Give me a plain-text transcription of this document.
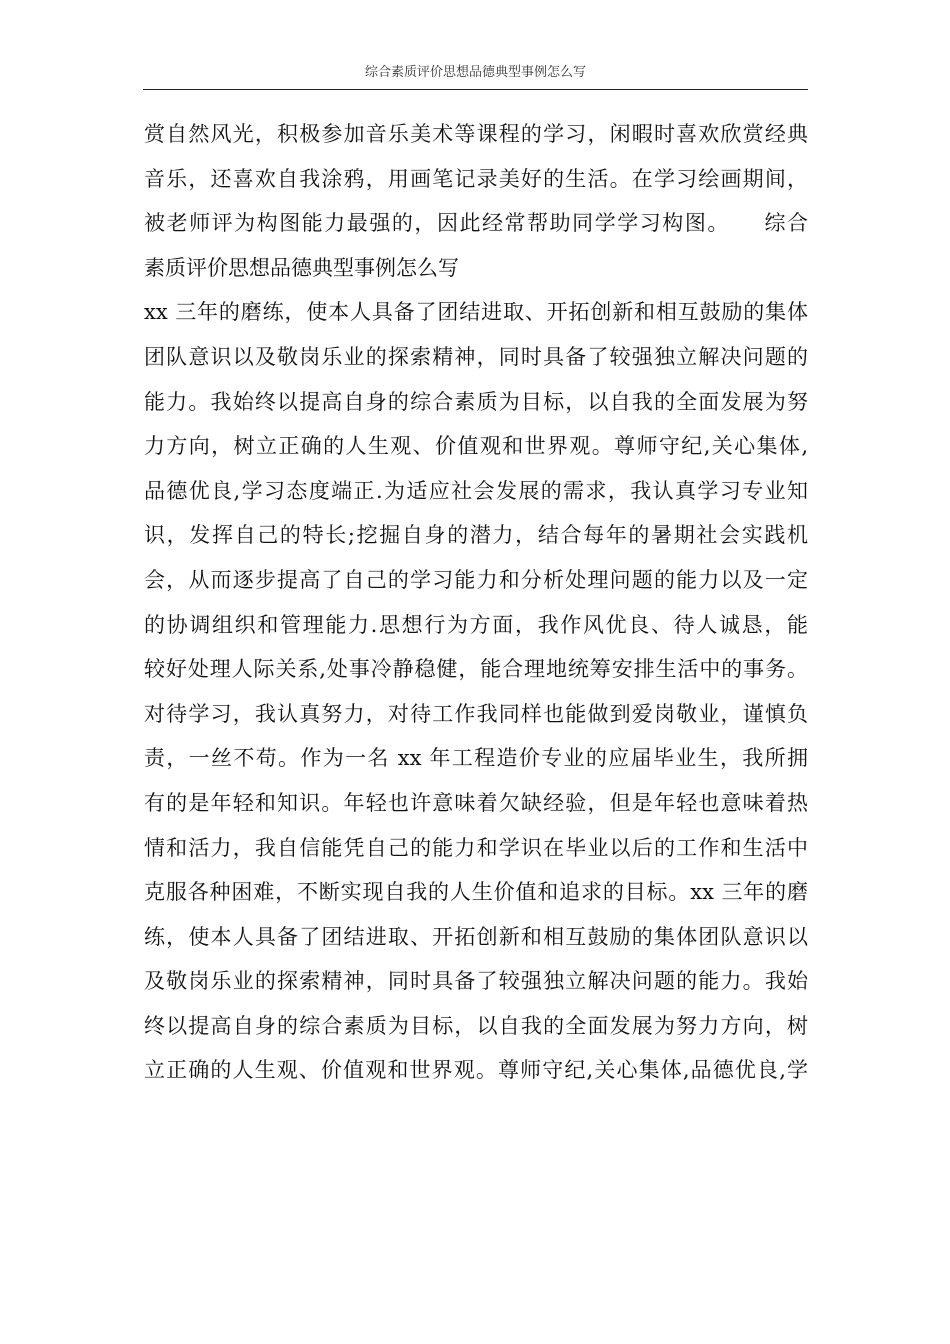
综合素质评价思想品德典型事例怎么写
赏自然风光，积极参加音乐美术等课程的学习，闲暇时喜欢欣赏经典
音乐，还喜欢自我涂鸦，用画笔记录美好的生活。在学习绘画期间，
被老师评为构图能力最强的，因此经常帮助同学学习构图。　　综合
素质评价思想品德典型事例怎么写
xx 三年的磨练，使本人具备了团结进取、开拓创新和相互鼓励的集体
团队意识以及敬岗乐业的探索精神，同时具备了较强独立解决问题的
能力。我始终以提高自身的综合素质为目标，以自我的全面发展为努
力方向，树立正确的人生观、价值观和世界观。尊师守纪,关心集体,
品德优良,学习态度端正.为适应社会发展的需求，我认真学习专业知
识，发挥自己的特长;挖掘自身的潜力，结合每年的暑期社会实践机
会，从而逐步提高了自己的学习能力和分析处理问题的能力以及一定
的协调组织和管理能力.思想行为方面，我作风优良、待人诚恳，能
较好处理人际关系,处事冷静稳健，能合理地统筹安排生活中的事务。
对待学习，我认真努力，对待工作我同样也能做到爱岗敬业，谨慎负
责，一丝不苟。作为一名 xx 年工程造价专业的应届毕业生，我所拥
有的是年轻和知识。年轻也许意味着欠缺经验，但是年轻也意味着热
情和活力，我自信能凭自己的能力和学识在毕业以后的工作和生活中
克服各种困难，不断实现自我的人生价值和追求的目标。xx 三年的磨
练，使本人具备了团结进取、开拓创新和相互鼓励的集体团队意识以
及敬岗乐业的探索精神，同时具备了较强独立解决问题的能力。我始
终以提高自身的综合素质为目标，以自我的全面发展为努力方向，树
立正确的人生观、价值观和世界观。尊师守纪,关心集体,品德优良,学
